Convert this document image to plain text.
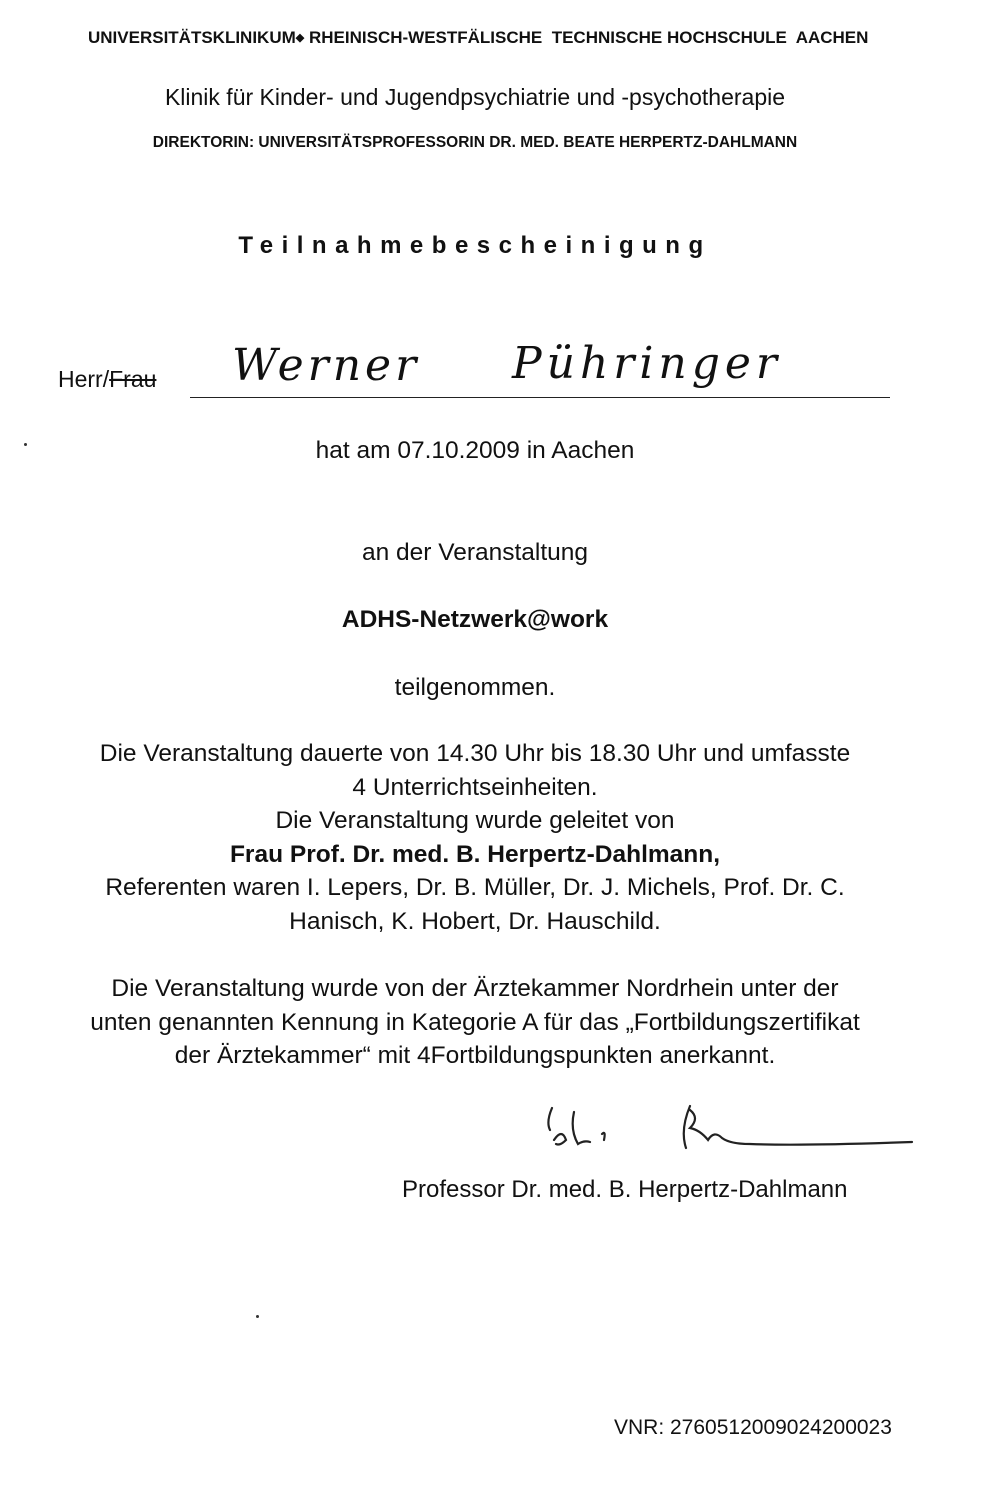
UNIVERSITÄTSKLINIKUM◆ RHEINISCH-WESTFÄLISCHE  TECHNISCHE HOCHSCHULE  AACHEN
Klinik für Kinder- und Jugendpsychiatrie und -psychotherapie
DIREKTORIN: UNIVERSITÄTSPROFESSORIN DR. MED. BEATE HERPERTZ-DAHLMANN
Teilnahmebescheinigung
Herr/Frau Werner Pühringer
hat am 07.10.2009 in Aachen
an der Veranstaltung
ADHS-Netzwerk@work
teilgenommen.
Die Veranstaltung dauerte von 14.30 Uhr bis 18.30 Uhr und umfasste
4 Unterrichtseinheiten.
Die Veranstaltung wurde geleitet von
Frau Prof. Dr. med. B. Herpertz-Dahlmann,
Referenten waren I. Lepers, Dr. B. Müller, Dr. J. Michels, Prof. Dr. C.
Hanisch, K. Hobert, Dr. Hauschild.
Die Veranstaltung wurde von der Ärztekammer Nordrhein unter der
unten genannten Kennung in Kategorie A für das „Fortbildungszertifikat
der Ärztekammer“ mit 4Fortbildungspunkten anerkannt.
Professor Dr. med. B. Herpertz-Dahlmann
VNR: 2760512009024200023
